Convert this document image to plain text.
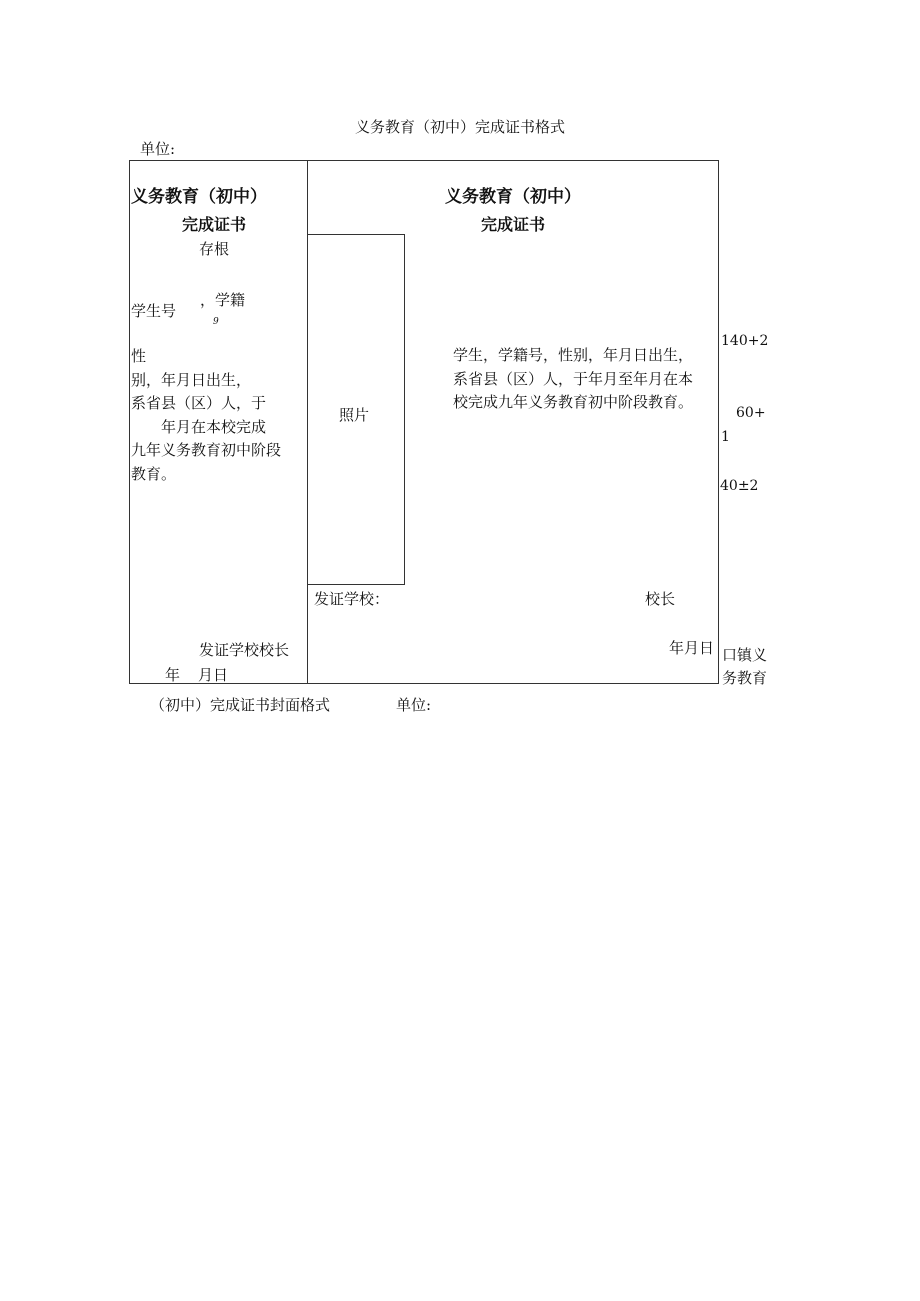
义务教育（初中）完成证书格式
单位:
义务教育（初中）
完成证书
存根
，学籍
学生号
9
性
别，年月日出生，
系省县（区）人，于
　　年月在本校完成
九年义务教育初中阶段
教育。
发证学校校长
年 月日
义务教育（初中）
完成证书
照片
学生，学籍号，性别，年月日出生，
系省县（区）人，于年月至年月在本
校完成九年义务教育初中阶段教育。
发证学校：	校长
年月日
140+2
60+
1
40±2
口镇义
务教育
（初中）完成证书封面格式	单位:
